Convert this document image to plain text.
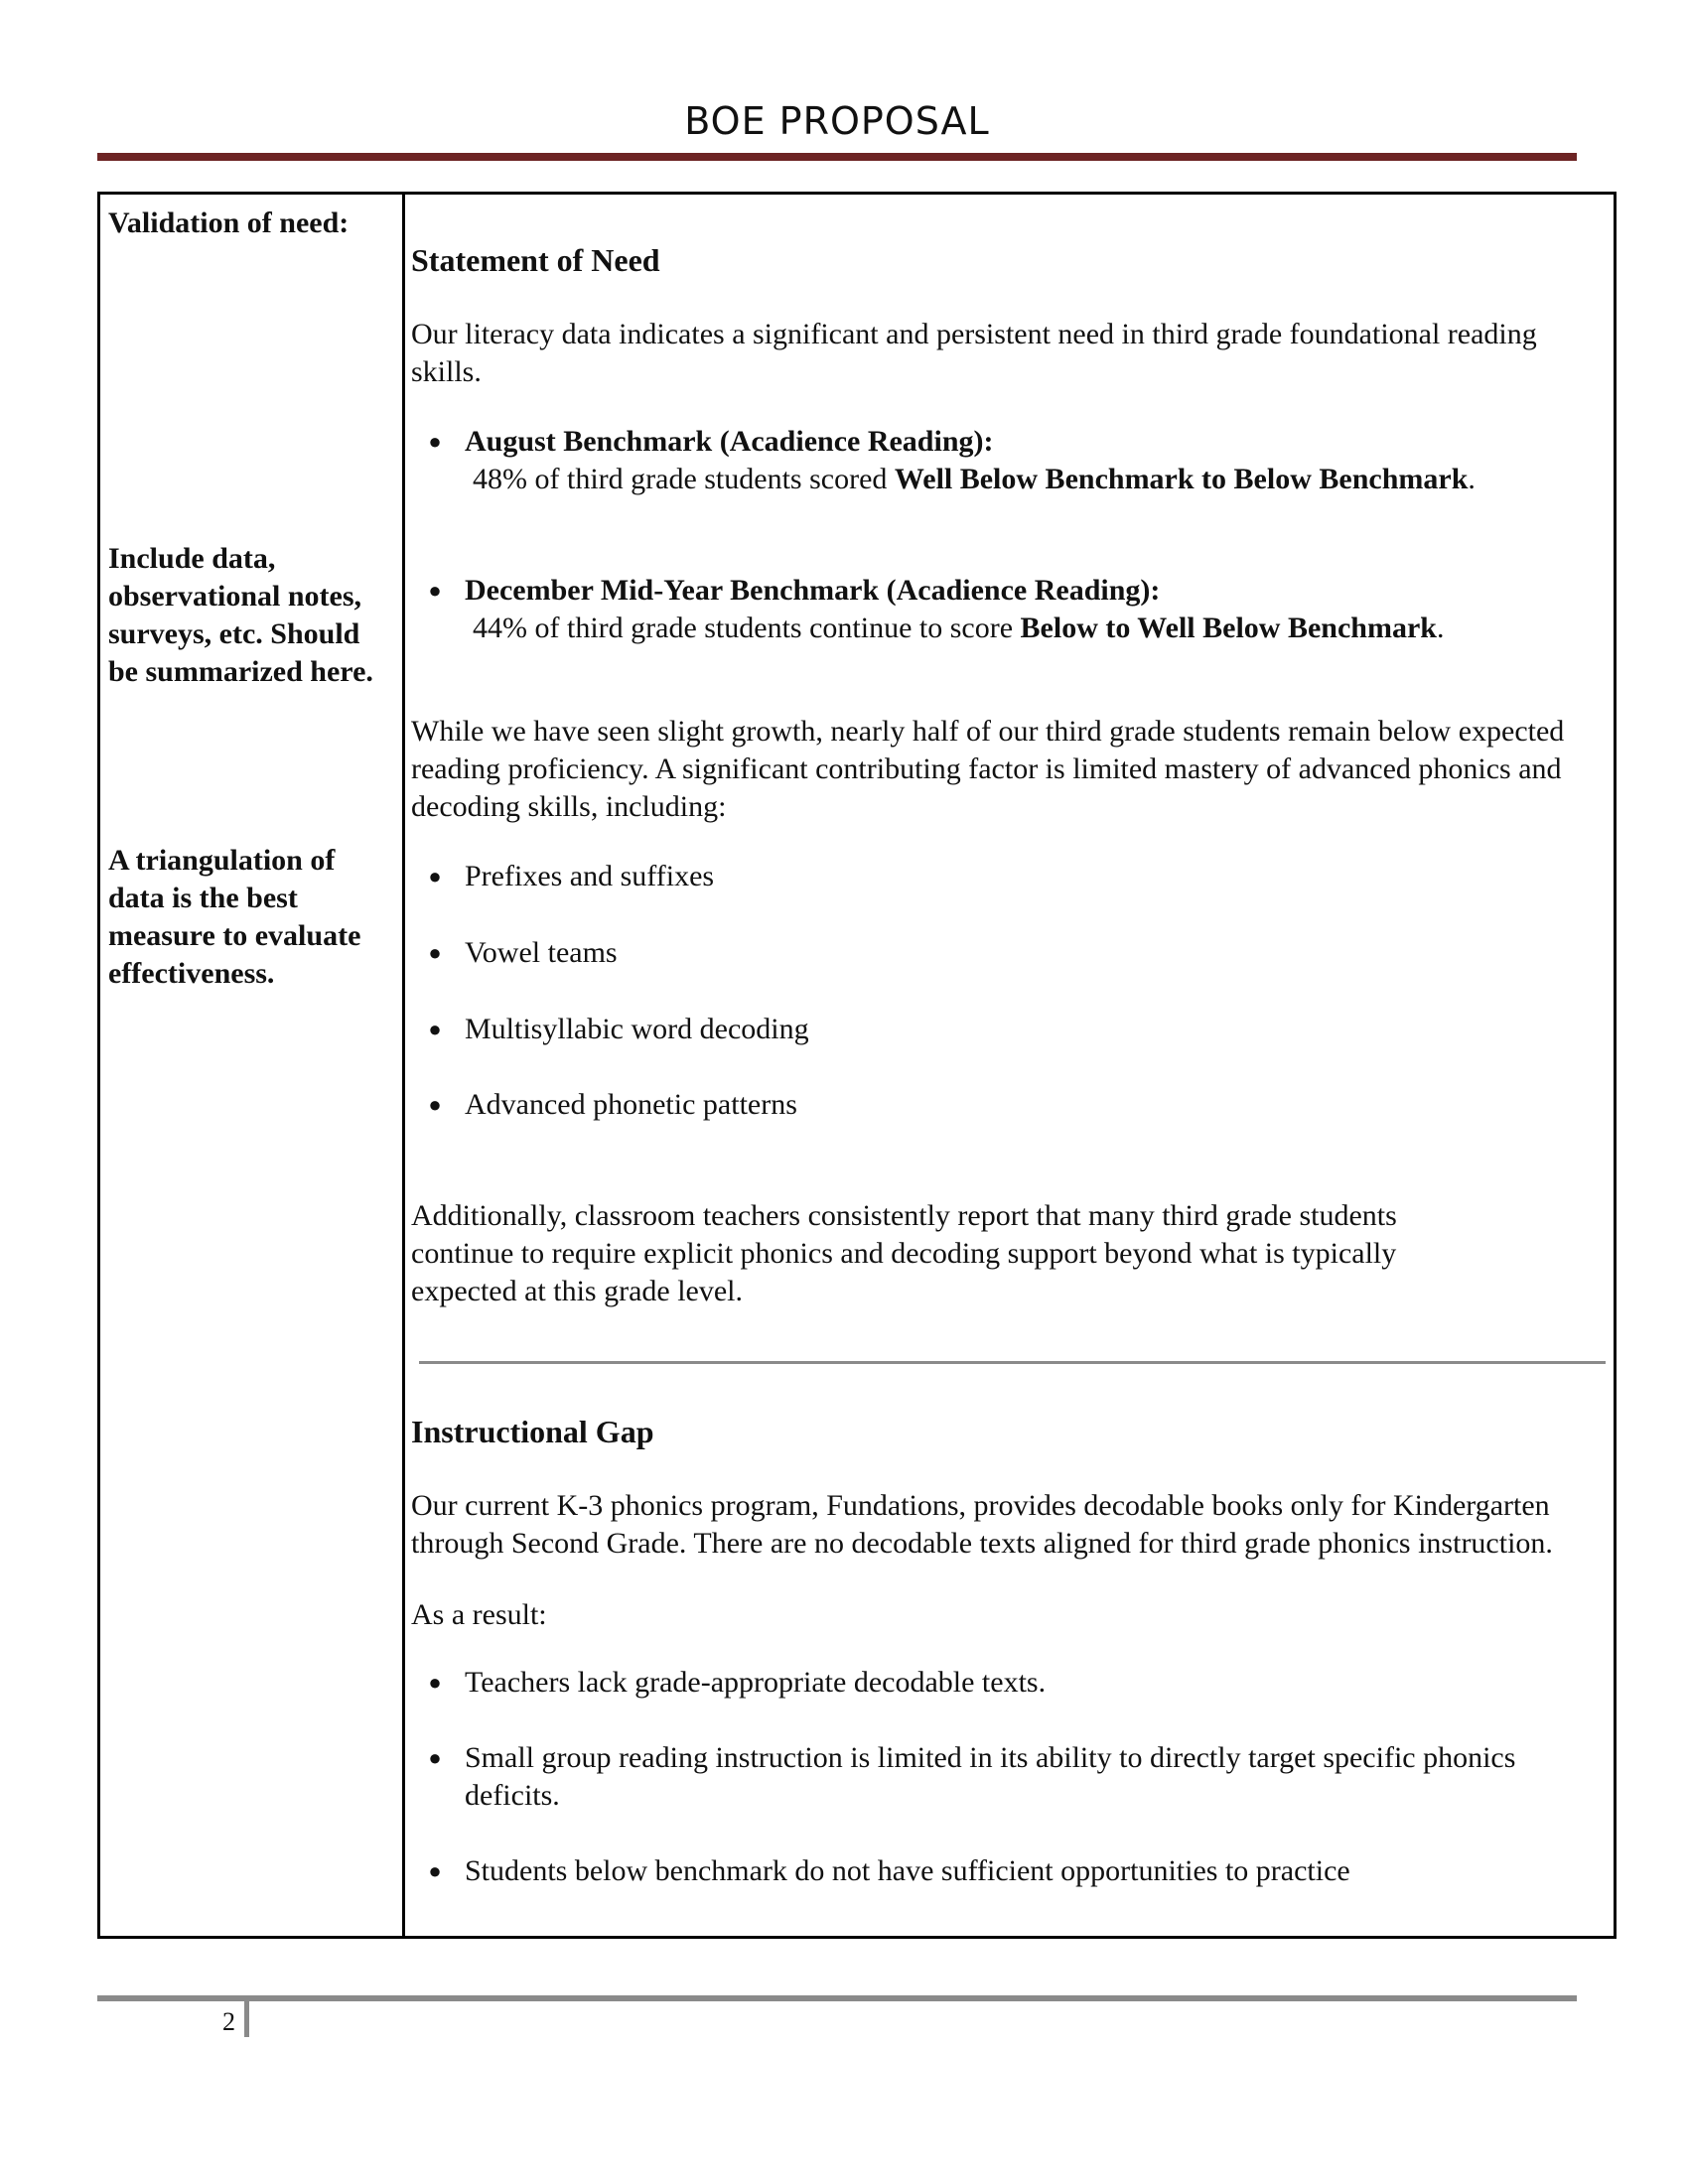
BOE PROPOSAL
Validation of need:
Include data, observational notes, surveys, etc. Should be summarized here.
A triangulation of data is the best measure to evaluate effectiveness.
Statement of Need
Our literacy data indicates a significant and persistent need in third grade foundational reading skills.
● August Benchmark (Acadience Reading):
48% of third grade students scored Well Below Benchmark to Below Benchmark.
● December Mid-Year Benchmark (Acadience Reading):
44% of third grade students continue to score Below to Well Below Benchmark.
While we have seen slight growth, nearly half of our third grade students remain below expected reading proficiency. A significant contributing factor is limited mastery of advanced phonics and decoding skills, including:
● Prefixes and suffixes
● Vowel teams
● Multisyllabic word decoding
● Advanced phonetic patterns
Additionally, classroom teachers consistently report that many third grade students continue to require explicit phonics and decoding support beyond what is typically expected at this grade level.
Instructional Gap
Our current K-3 phonics program, Fundations, provides decodable books only for Kindergarten through Second Grade. There are no decodable texts aligned for third grade phonics instruction.
As a result:
● Teachers lack grade-appropriate decodable texts.
● Small group reading instruction is limited in its ability to directly target specific phonics deficits.
● Students below benchmark do not have sufficient opportunities to practice
2
